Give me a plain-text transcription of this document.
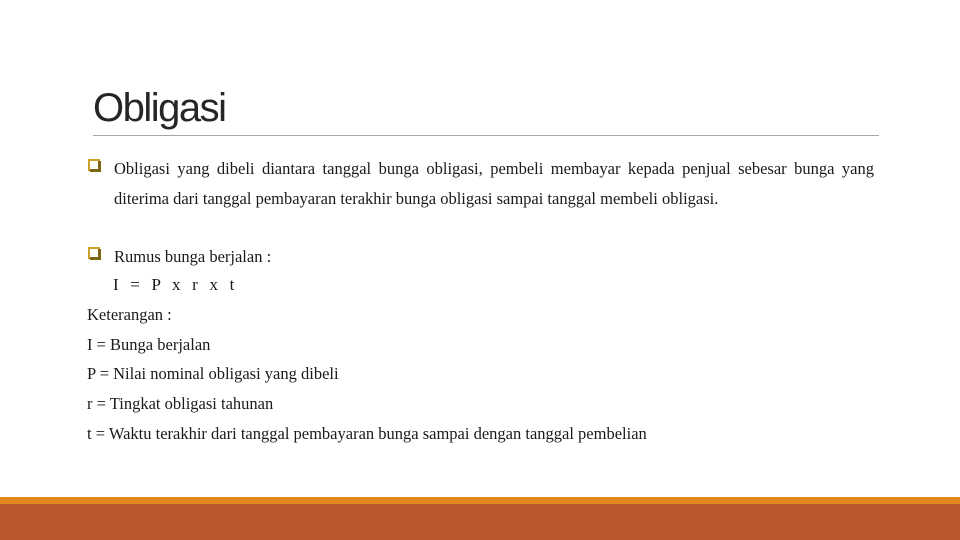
Obligasi

Obligasi yang dibeli diantara tanggal bunga obligasi, pembeli membayar kepada penjual sebesar bunga yang diterima dari tanggal pembayaran terakhir bunga obligasi sampai tanggal membeli obligasi.

Rumus bunga berjalan :

I = P x r x t

Keterangan :

I = Bunga berjalan

P = Nilai nominal obligasi yang dibeli

r = Tingkat obligasi tahunan

t = Waktu terakhir dari tanggal pembayaran bunga sampai dengan tanggal pembelian
